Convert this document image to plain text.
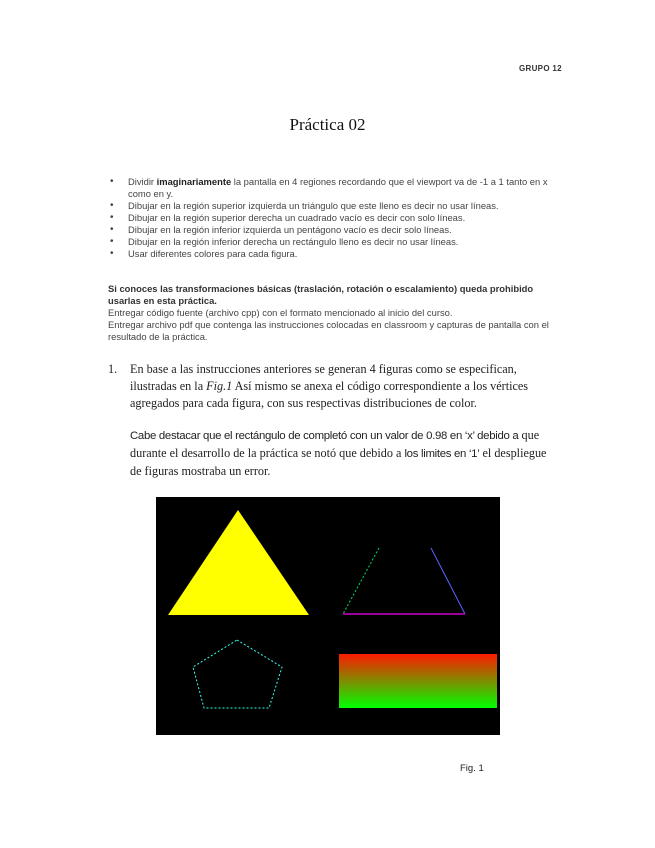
GRUPO 12
Práctica 02
• Dividir imaginariamente la pantalla en 4 regiones recordando que el viewport va de -1 a 1 tanto en x como en y.
• Dibujar en la región superior izquierda un triángulo que este lleno es decir no usar líneas.
• Dibujar en la región superior derecha un cuadrado vacío es decir con solo líneas.
• Dibujar en la región inferior izquierda un pentágono vacío es decir solo líneas.
• Dibujar en la región inferior derecha un rectángulo lleno es decir no usar líneas.
• Usar diferentes colores para cada figura.
Si conoces las transformaciones básicas (traslación, rotación o escalamiento) queda prohibido usarlas en esta práctica.
Entregar código fuente (archivo cpp) con el formato mencionado al inicio del curso.
Entregar archivo pdf que contenga las instrucciones colocadas en classroom y capturas de pantalla con el resultado de la práctica.
1. En base a las instrucciones anteriores se generan 4 figuras como se especifican, ilustradas en la Fig.1 Así mismo se anexa el código correspondiente a los vértices agregados para cada figura, con sus respectivas distribuciones de color.
Cabe destacar que el rectángulo de completó con un valor de 0.98 en ‘x’ debido a que durante el desarrollo de la práctica se notó que debido a los limites en ‘1’ el despliegue de figuras mostraba un error.
Fig. 1
